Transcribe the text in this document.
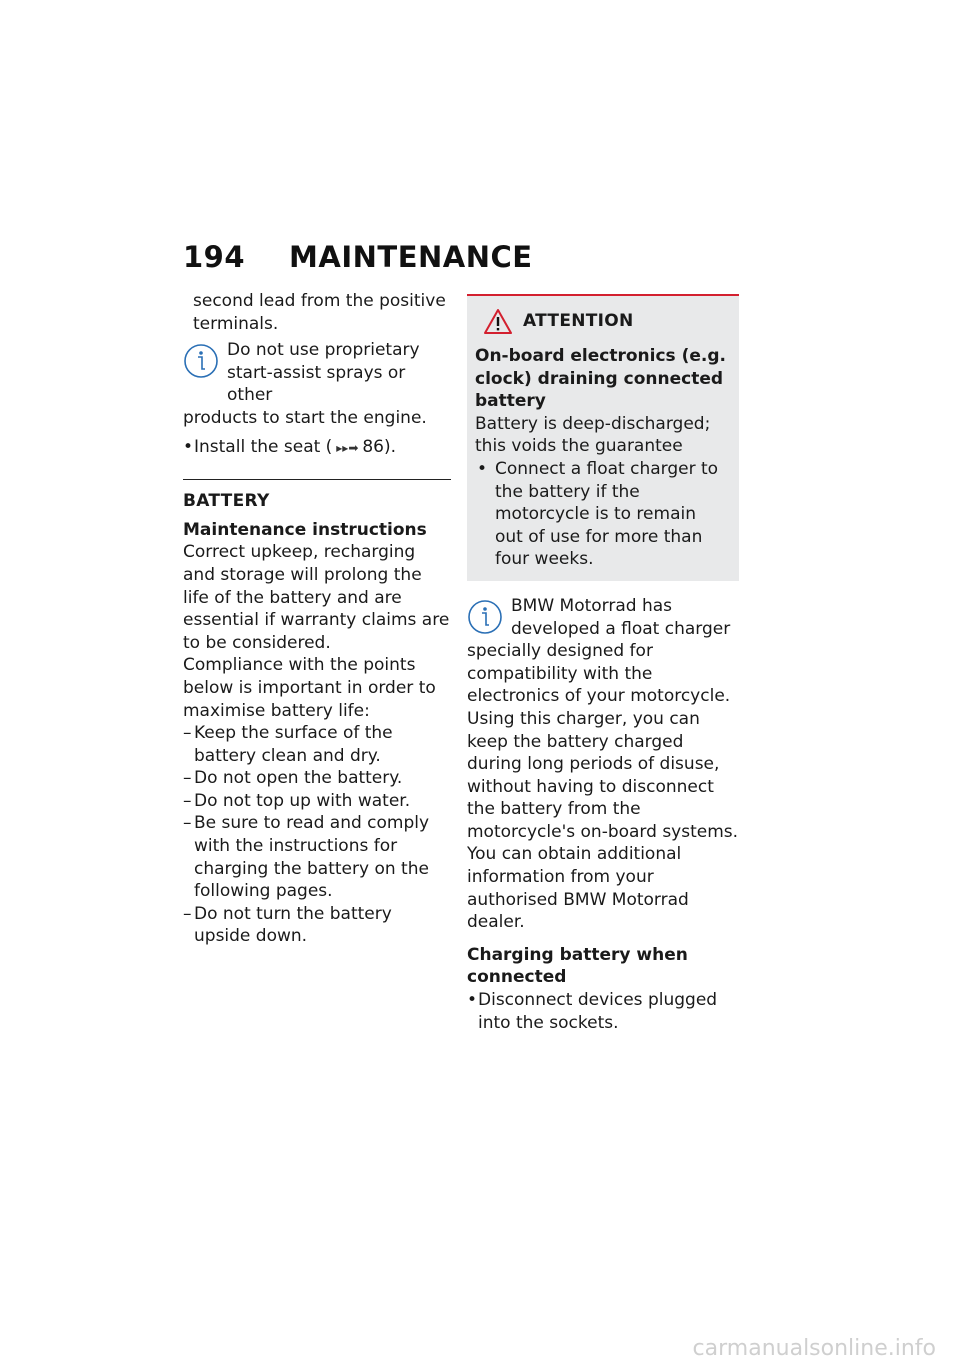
194 MAINTENANCE

second lead from the positive terminals.

Do not use proprietary start-assist sprays or other
products to start the engine.
• Install the seat ( ▸▸➡ 86).
BATTERY
Maintenance instructions

Correct upkeep, recharging and storage will prolong the life of the battery and are essential if warranty claims are to be considered.

Compliance with the points below is important in order to maximise battery life:

– Keep the surface of the battery clean and dry.
– Do not open the battery.
– Do not top up with water.
– Be sure to read and comply with the instructions for charging the battery on the following pages.
– Do not turn the battery upside down.
ATTENTION

On-board electronics (e.g. clock) draining connected battery

Battery is deep-discharged; this voids the guarantee

• Connect a float charger to the battery if the motorcycle is to remain out of use for more than four weeks.
BMW Motorrad has developed a float charger
specially designed for compatibility with the electronics of your motorcycle. Using this charger, you can keep the battery charged during long periods of disuse, without having to disconnect the battery from the motorcycle's on-board systems. You can obtain additional information from your authorised BMW Motorrad dealer.
Charging battery when connected
• Disconnect devices plugged into the sockets.
carmanualsonline.info
